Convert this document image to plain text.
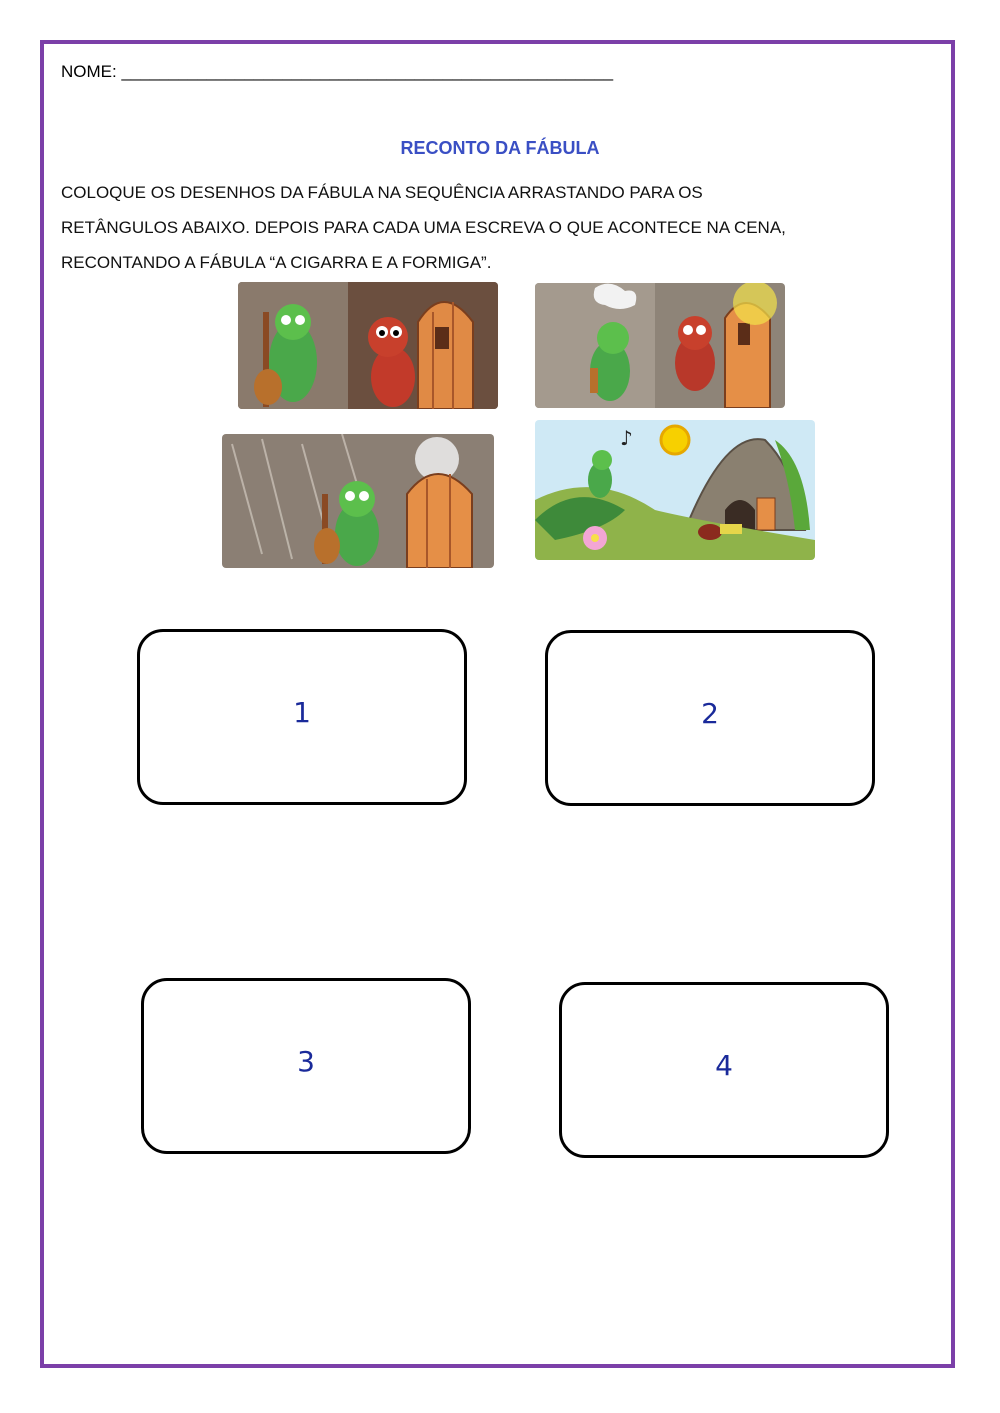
NOME: ____________________________________________________
RECONTO DA FÁBULA
COLOQUE OS DESENHOS DA FÁBULA NA SEQUÊNCIA ARRASTANDO PARA OS
RETÂNGULOS ABAIXO. DEPOIS PARA CADA UMA ESCREVA O QUE ACONTECE NA CENA,
RECONTANDO A FÁBULA “A CIGARRA E A FORMIGA”.
♪
1	2
3	4
